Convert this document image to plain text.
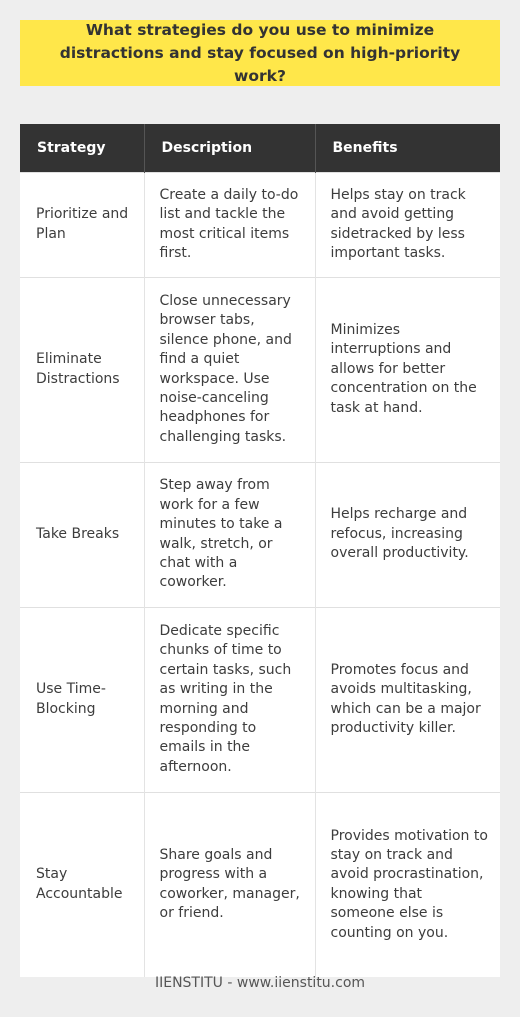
What strategies do you use to minimize distractions and stay focused on high-priority work?
Strategy	Description	Benefits
Prioritize and Plan	Create a daily to-do list and tackle the most critical items first.	Helps stay on track and avoid getting sidetracked by less important tasks.
Eliminate Distractions	Close unnecessary browser tabs, silence phone, and find a quiet workspace. Use noise-canceling headphones for challenging tasks.	Minimizes interruptions and allows for better concentration on the task at hand.
Take Breaks	Step away from work for a few minutes to take a walk, stretch, or chat with a coworker.	Helps recharge and refocus, increasing overall productivity.
Use Time-Blocking	Dedicate specific chunks of time to certain tasks, such as writing in the morning and responding to emails in the afternoon.	Promotes focus and avoids multitasking, which can be a major productivity killer.
Stay Accountable	Share goals and progress with a coworker, manager, or friend.	Provides motivation to stay on track and avoid procrastination, knowing that someone else is counting on you.
IIENSTITU - www.iienstitu.com
